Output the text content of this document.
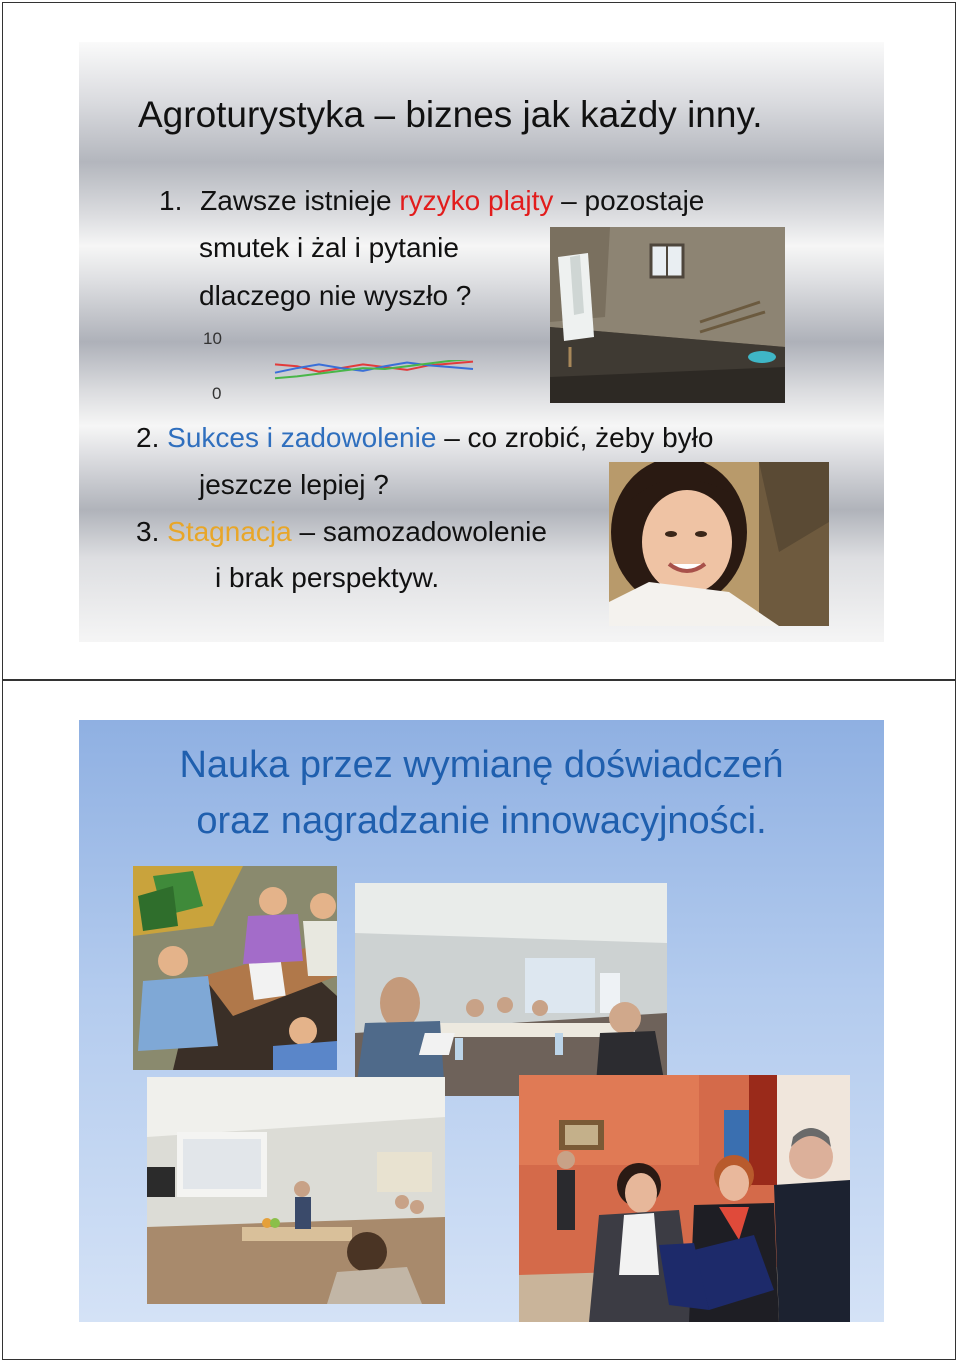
Agroturystyka – biznes jak każdy inny.
1. Zawsze istnieje ryzyko plajty – pozostaje
smutek i żal i pytanie
dlaczego nie wyszło ?
10
0
2. Sukces i zadowolenie – co zrobić, żeby było
jeszcze lepiej ?
3. Stagnacja – samozadowolenie
i brak perspektyw.
Nauka przez wymianę doświadczeń
oraz nagradzanie innowacyjności.
